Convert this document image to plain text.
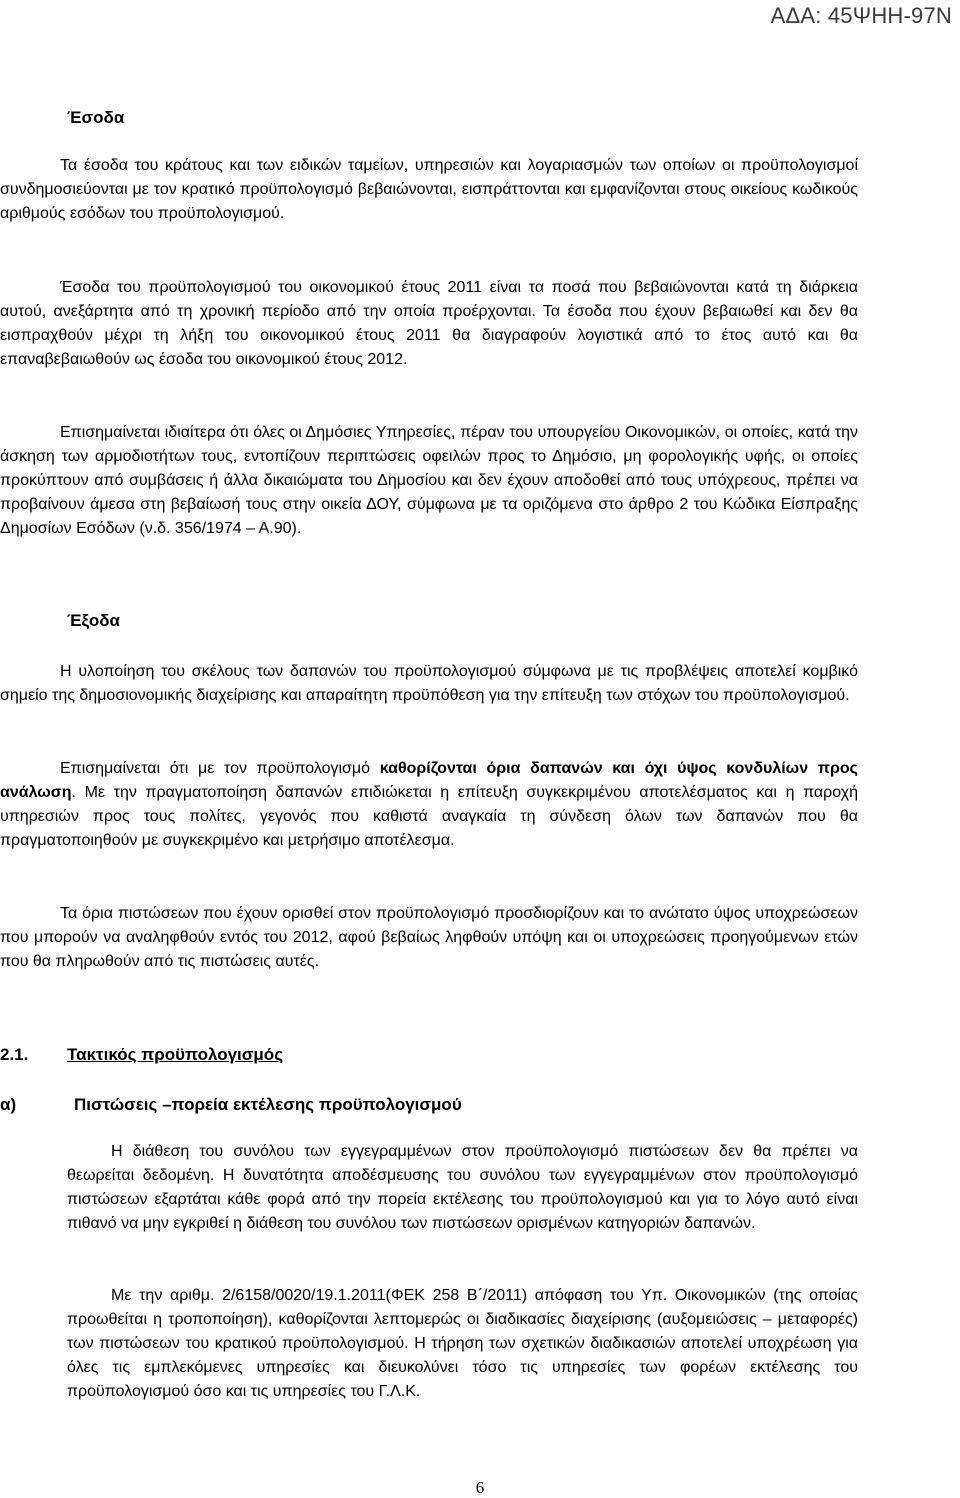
ΑΔΑ: 45ΨΗΗ-97Ν
Έσοδα

Τα έσοδα του κράτους και των ειδικών ταμείων, υπηρεσιών και λογαριασμών των οποίων οι προϋπολογισμοί συνδημοσιεύονται με τον κρατικό προϋπολογισμό βεβαιώνονται, εισπράττονται και εμφανίζονται στους οικείους κωδικούς αριθμούς εσόδων του προϋπολογισμού.

Έσοδα του προϋπολογισμού του οικονομικού έτους 2011 είναι τα ποσά που βεβαιώνονται κατά τη διάρκεια αυτού, ανεξάρτητα από τη χρονική περίοδο από την οποία προέρχονται. Τα έσοδα που έχουν βεβαιωθεί και δεν θα εισπραχθούν μέχρι τη λήξη του οικονομικού έτους 2011 θα διαγραφούν λογιστικά από το έτος αυτό και θα επαναβεβαιωθούν ως έσοδα του οικονομικού έτους 2012.

Επισημαίνεται ιδιαίτερα ότι όλες οι Δημόσιες Υπηρεσίες, πέραν του υπουργείου Οικονομικών, οι οποίες, κατά την άσκηση των αρμοδιοτήτων τους, εντοπίζουν περιπτώσεις οφειλών προς το Δημόσιο, μη φορολογικής υφής, οι οποίες προκύπτουν από συμβάσεις ή άλλα δικαιώματα του Δημοσίου και δεν έχουν αποδοθεί από τους υπόχρεους, πρέπει να προβαίνουν άμεσα στη βεβαίωσή τους στην οικεία ΔΟΥ, σύμφωνα με τα οριζόμενα στο άρθρο 2 του Κώδικα Είσπραξης Δημοσίων Εσόδων (ν.δ. 356/1974 – Α.90).

Έξοδα

Η υλοποίηση του σκέλους των δαπανών του προϋπολογισμού σύμφωνα με τις προβλέψεις αποτελεί κομβικό σημείο της δημοσιονομικής διαχείρισης και απαραίτητη προϋπόθεση για την επίτευξη των στόχων του προϋπολογισμού.

Επισημαίνεται ότι με τον προϋπολογισμό καθορίζονται όρια δαπανών και όχι ύψος κονδυλίων προς ανάλωση. Με την πραγματοποίηση δαπανών επιδιώκεται η επίτευξη συγκεκριμένου αποτελέσματος και η παροχή υπηρεσιών προς τους πολίτες, γεγονός που καθιστά αναγκαία τη σύνδεση όλων των δαπανών που θα πραγματοποιηθούν με συγκεκριμένο και μετρήσιμο αποτέλεσμα.

Τα όρια πιστώσεων που έχουν ορισθεί στον προϋπολογισμό προσδιορίζουν και το ανώτατο ύψος υποχρεώσεων που μπορούν να αναληφθούν εντός του 2012, αφού βεβαίως ληφθούν υπόψη και οι υποχρεώσεις προηγούμενων ετών που θα πληρωθούν από τις πιστώσεις αυτές.

2.1. Τακτικός προϋπολογισμός
α)	Πιστώσεις –πορεία εκτέλεσης προϋπολογισμού

Η διάθεση του συνόλου των εγγεγραμμένων στον προϋπολογισμό πιστώσεων δεν θα πρέπει να θεωρείται δεδομένη. Η δυνατότητα αποδέσμευσης του συνόλου των εγγεγραμμένων στον προϋπολογισμό πιστώσεων εξαρτάται κάθε φορά από την πορεία εκτέλεσης του προϋπολογισμού και για το λόγο αυτό είναι πιθανό να μην εγκριθεί η διάθεση του συνόλου των πιστώσεων ορισμένων κατηγοριών δαπανών.

Με την αριθμ. 2/6158/0020/19.1.2011(ΦΕΚ 258 Β΄/2011) απόφαση του Υπ. Οικονομικών (της οποίας προωθείται η τροποποίηση), καθορίζονται λεπτομερώς οι διαδικασίες διαχείρισης (αυξομειώσεις – μεταφορές) των πιστώσεων του κρατικού προϋπολογισμού. Η τήρηση των σχετικών διαδικασιών αποτελεί υποχρέωση για όλες τις εμπλεκόμενες υπηρεσίες και διευκολύνει τόσο τις υπηρεσίες των φορέων εκτέλεσης του προϋπολογισμού όσο και τις υπηρεσίες του Γ.Λ.Κ.

6
